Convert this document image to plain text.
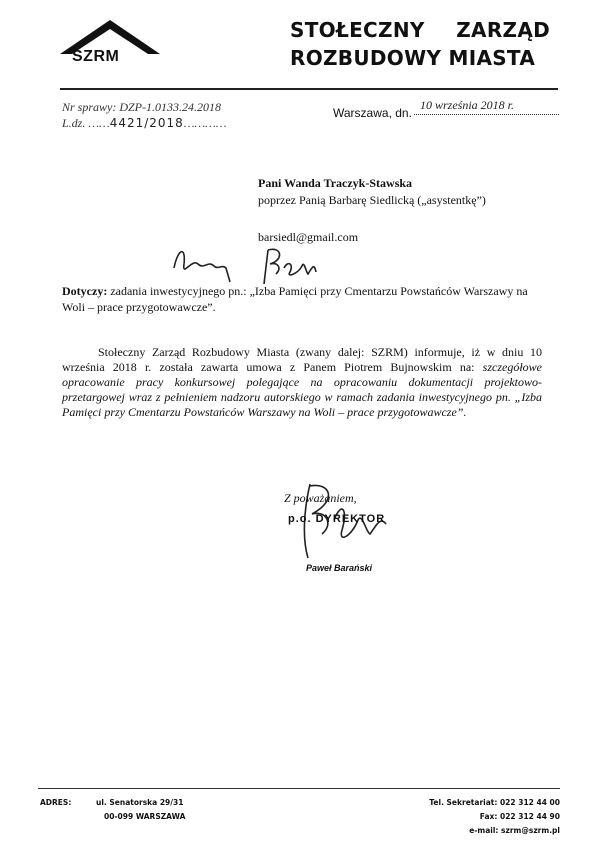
SZRM
STOŁECZNY ZARZĄD
ROZBUDOWY MIASTA
Nr sprawy: DZP-1.0133.24.2018
L.dz. ……4421/2018…………
Warszawa, dn.
10 września 2018 r.
Pani Wanda Traczyk-Stawska
poprzez Panią Barbarę Siedlicką („asystentkę”)
barsiedl@gmail.com
Dotyczy: zadania inwestycyjnego pn.: „Izba Pamięci przy Cmentarzu Powstańców Warszawy na Woli – prace przygotowawcze”.
Stołeczny Zarząd Rozbudowy Miasta (zwany dalej: SZRM) informuje, iż w dniu 10 września 2018 r. została zawarta umowa z Panem Piotrem Bujnowskim na: szczegółowe opracowanie pracy konkursowej polegające na opracowaniu dokumentacji projektowo-przetargowej wraz z pełnieniem nadzoru autorskiego w ramach zadania inwestycyjnego pn. „Izba Pamięci przy Cmentarzu Powstańców Warszawy na Woli – prace przygotowawcze”.
Z poważaniem,
p.o. DYREKTOR
Paweł Barański
ADRES:	ul. Senatorska 29/31
00-099 WARSZAWA
Tel. Sekretariat: 022 312 44 00
Fax: 022 312 44 90
e-mail: szrm@szrm.pl
